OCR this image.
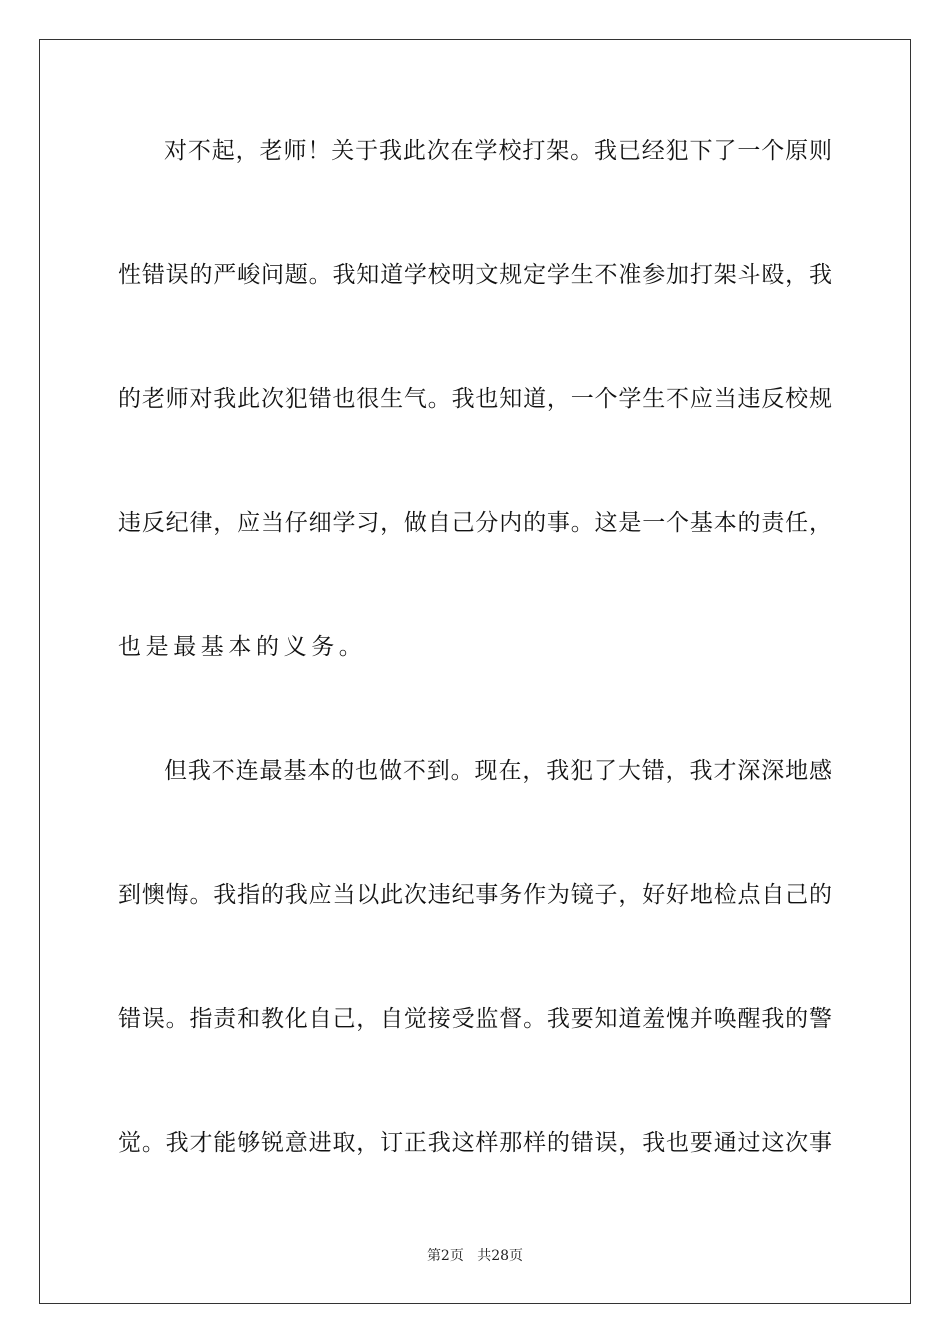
对不起，老师！关于我此次在学校打架。我已经犯下了一个原则
性错误的严峻问题。我知道学校明文规定学生不准参加打架斗殴，我
的老师对我此次犯错也很生气。我也知道，一个学生不应当违反校规
违反纪律，应当仔细学习，做自己分内的事。这是一个基本的责任，
也是最基本的义务。
但我不连最基本的也做不到。现在，我犯了大错，我才深深地感
到懊悔。我指的我应当以此次违纪事务作为镜子，好好地检点自己的
错误。指责和教化自己，自觉接受监督。我要知道羞愧并唤醒我的警
觉。我才能够锐意进取，订正我这样那样的错误，我也要通过这次事
第2页 共28页
